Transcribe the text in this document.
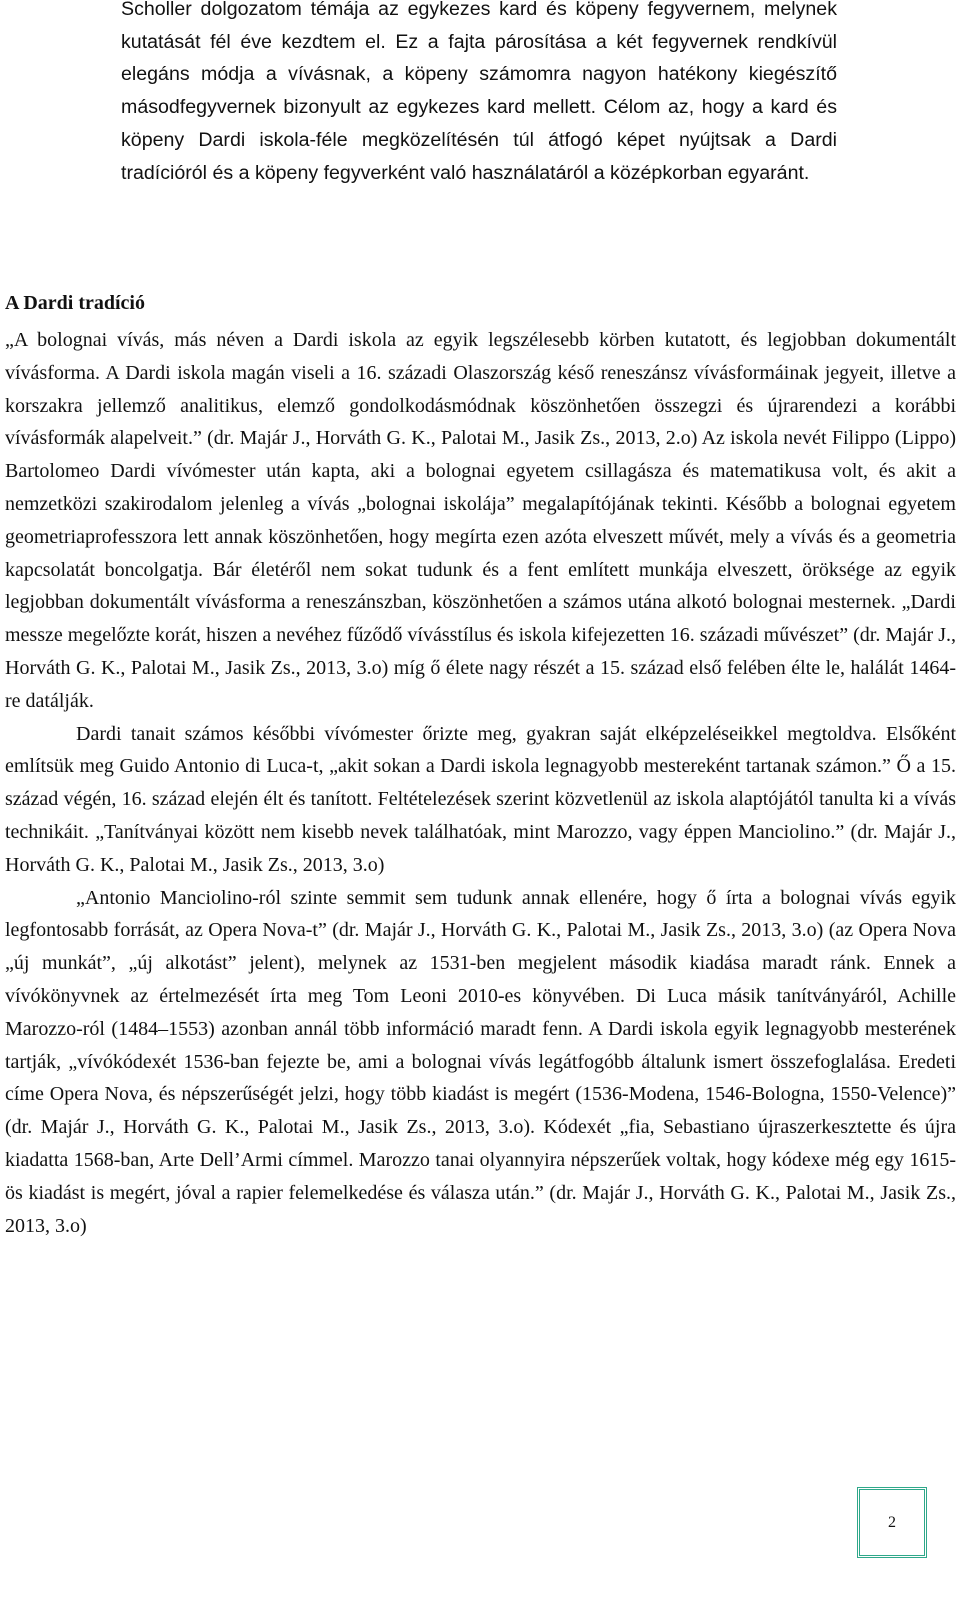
Scholler dolgozatom témája az egykezes kard és köpeny fegyvernem, melynek kutatását fél éve kezdtem el. Ez a fajta párosítása a két fegyvernek rendkívül elegáns módja a vívásnak, a köpeny számomra nagyon hatékony kiegészítő másodfegyvernek bizonyult az egykezes kard mellett. Célom az, hogy a kard és köpeny Dardi iskola-féle megközelítésén túl átfogó képet nyújtsak a Dardi tradícióról és a köpeny fegyverként való használatáról a középkorban egyaránt.

A Dardi tradíció

„A bolognai vívás, más néven a Dardi iskola az egyik legszélesebb körben kutatott, és legjobban dokumentált vívásforma. A Dardi iskola magán viseli a 16. századi Olaszország késő reneszánsz vívásformáinak jegyeit, illetve a korszakra jellemző analitikus, elemző gondolkodásmódnak köszönhetően összegzi és újrarendezi a korábbi vívásformák alapelveit.” (dr. Majár J., Horváth G. K., Palotai M., Jasik Zs., 2013, 2.o) Az iskola nevét Filippo (Lippo) Bartolomeo Dardi vívómester után kapta, aki a bolognai egyetem csillagásza és matematikusa volt, és akit a nemzetközi szakirodalom jelenleg a vívás „bolognai iskolája” megalapítójának tekinti. Később a bolognai egyetem geometriaprofesszora lett annak köszönhetően, hogy megírta ezen azóta elveszett művét, mely a vívás és a geometria kapcsolatát boncolgatja. Bár életéről nem sokat tudunk és a fent említett munkája elveszett, öröksége az egyik legjobban dokumentált vívásforma a reneszánszban, köszönhetően a számos utána alkotó bolognai mesternek. „Dardi messze megelőzte korát, hiszen a nevéhez fűződő vívásstílus és iskola kifejezetten 16. századi művészet” (dr. Majár J., Horváth G. K., Palotai M., Jasik Zs., 2013, 3.o) míg ő élete nagy részét a 15. század első felében élte le, halálát 1464-re datálják.

Dardi tanait számos későbbi vívómester őrizte meg, gyakran saját elképzeléseikkel megtoldva. Elsőként említsük meg Guido Antonio di Luca-t, „akit sokan a Dardi iskola legnagyobb mestereként tartanak számon.” Ő a 15. század végén, 16. század elején élt és tanított. Feltételezések szerint közvetlenül az iskola alaptójától tanulta ki a vívás technikáit. „Tanítványai között nem kisebb nevek találhatóak, mint Marozzo, vagy éppen Manciolino.” (dr. Majár J., Horváth G. K., Palotai M., Jasik Zs., 2013, 3.o)

„Antonio Manciolino-ról szinte semmit sem tudunk annak ellenére, hogy ő írta a bolognai vívás egyik legfontosabb forrását, az Opera Nova-t” (dr. Majár J., Horváth G. K., Palotai M., Jasik Zs., 2013, 3.o) (az Opera Nova „új munkát”, „új alkotást” jelent), melynek az 1531-ben megjelent második kiadása maradt ránk. Ennek a vívókönyvnek az értelmezését írta meg Tom Leoni 2010-es könyvében. Di Luca másik tanítványáról, Achille Marozzo-ról (1484–1553) azonban annál több információ maradt fenn. A Dardi iskola egyik legnagyobb mesterének tartják, „vívókódexét 1536-ban fejezte be, ami a bolognai vívás legátfogóbb általunk ismert összefoglalása. Eredeti címe Opera Nova, és népszerűségét jelzi, hogy több kiadást is megért (1536-Modena, 1546-Bologna, 1550-Velence)” (dr. Majár J., Horváth G. K., Palotai M., Jasik Zs., 2013, 3.o). Kódexét „fia, Sebastiano újraszerkesztette és újra kiadatta 1568-ban, Arte Dell’Armi címmel. Marozzo tanai olyannyira népszerűek voltak, hogy kódexe még egy 1615-ös kiadást is megért, jóval a rapier felemelkedése és válasza után.” (dr. Majár J., Horváth G. K., Palotai M., Jasik Zs., 2013, 3.o)

2
